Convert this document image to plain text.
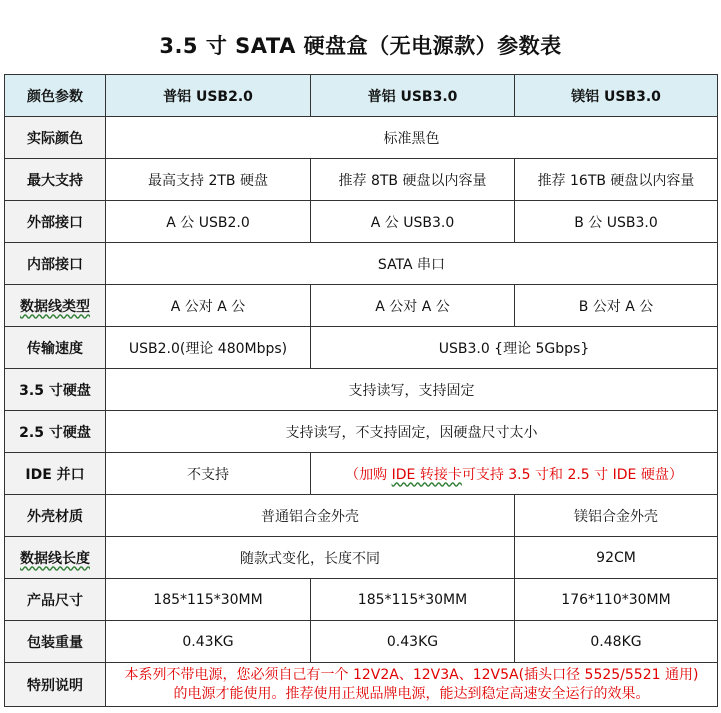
3.5 寸 SATA 硬盘盒（无电源款）参数表
颜色参数	普铝 USB2.0	普铝 USB3.0	镁铝 USB3.0
实际颜色	标准黑色		
最大支持	最高支持 2TB 硬盘	推荐 8TB 硬盘以内容量	推荐 16TB 硬盘以内容量
外部接口	A 公 USB2.0	A 公 USB3.0	B 公 USB3.0
内部接口	SATA 串口		
数据线类型	A 公对 A 公	A 公对 A 公	B 公对 A 公
传输速度	USB2.0(理论 480Mbps)	USB3.0 {理论 5Gbps}	
3.5 寸硬盘	支持读写，支持固定		
2.5 寸硬盘	支持读写，不支持固定，因硬盘尺寸太小		
IDE 并口	不支持	（加购 IDE 转接卡可支持 3.5 寸和 2.5 寸 IDE 硬盘）	
外壳材质	普通铝合金外壳		镁铝合金外壳
数据线长度	随款式变化，长度不同		92CM
产品尺寸	185*115*30MM	185*115*30MM	176*110*30MM
包装重量	0.43KG	0.43KG	0.48KG
特别说明	本系列不带电源，您必须自己有一个 12V2A、12V3A、12V5A(插头口径 5525/5521 通用)
的电源才能使用。推荐使用正规品牌电源，能达到稳定高速安全运行的效果。		
